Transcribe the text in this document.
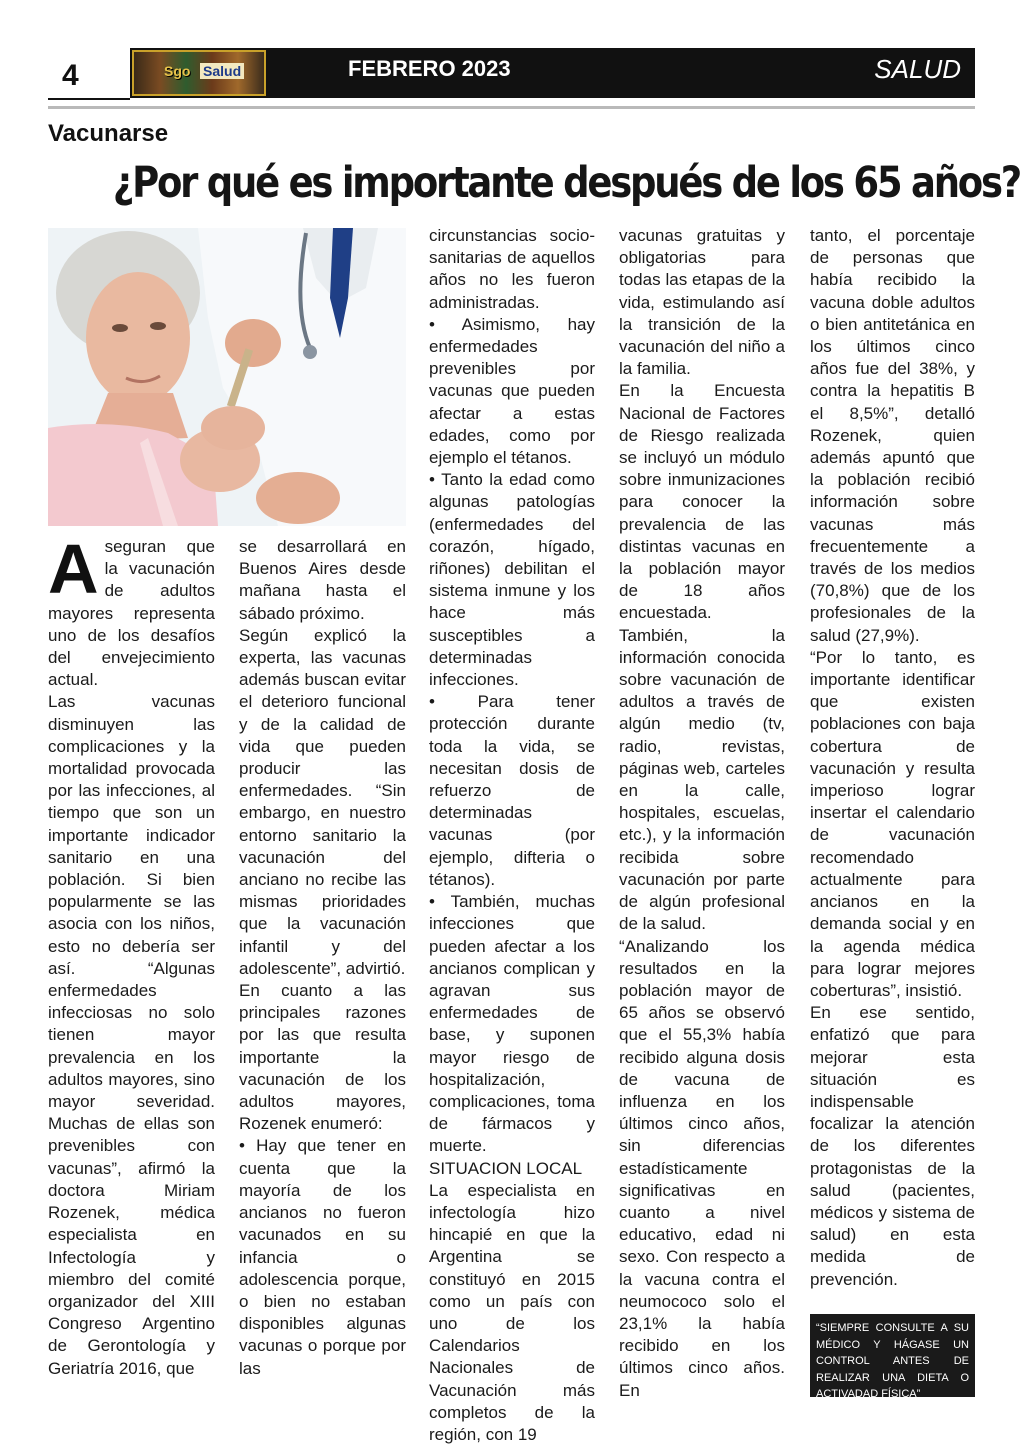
4	Sgo Salud	FEBRERO 2023	SALUD
Vacunarse
¿Por qué es importante después de los 65 años?
A seguran que la vacunación de adultos mayores representa uno de los desafíos del envejecimiento actual.

Las vacunas disminuyen las complicaciones y la mortalidad provocada por las infecciones, al tiempo que son un importante indicador sanitario en una población. Si bien popularmente se las asocia con los niños, esto no debería ser así. “Algunas enfermedades infecciosas no solo tienen mayor prevalencia en los adultos mayores, sino mayor severidad. Muchas de ellas son prevenibles con vacunas”, afirmó la doctora Miriam Rozenek, médica especialista en Infectología y miembro del comité organizador del XIII Congreso Argentino de Gerontología y Geriatría 2016, que

se desarrollará en Buenos Aires desde mañana hasta el sábado próximo.

Según explicó la experta, las vacunas además buscan evitar el deterioro funcional y de la calidad de vida que pueden producir las enfermedades. “Sin embargo, en nuestro entorno sanitario la vacunación del anciano no recibe las mismas prioridades que la vacunación infantil y del adolescente”, advirtió.

En cuanto a las principales razones por las que resulta importante la vacunación de los adultos mayores, Rozenek enumeró:

• Hay que tener en cuenta que la mayoría de los ancianos no fueron vacunados en su infancia o adolescencia porque, o bien no estaban disponibles algunas vacunas o porque por las

circunstancias socio-sanitarias de aquellos años no les fueron administradas.

• Asimismo, hay enfermedades prevenibles por vacunas que pueden afectar a estas edades, como por ejemplo el tétanos.

• Tanto la edad como algunas patologías (enfermedades del corazón, hígado, riñones) debilitan el sistema inmune y los hace más susceptibles a determinadas infecciones.

• Para tener protección durante toda la vida, se necesitan dosis de refuerzo de determinadas vacunas (por ejemplo, difteria o tétanos).

• También, muchas infecciones que pueden afectar a los ancianos complican y agravan sus enfermedades de base, y suponen mayor riesgo de hospitalización, complicaciones, toma de fármacos y muerte.

SITUACION LOCAL

La especialista en infectología hizo hincapié en que la Argentina se constituyó en 2015 como un país con uno de los Calendarios Nacionales de Vacunación más completos de la región, con 19

vacunas gratuitas y obligatorias para todas las etapas de la vida, estimulando así la transición de la vacunación del niño a la familia.

En la Encuesta Nacional de Factores de Riesgo realizada se incluyó un módulo sobre inmunizaciones para conocer la prevalencia de las distintas vacunas en la población mayor de 18 años encuestada. También, la información conocida sobre vacunación de adultos a través de algún medio (tv, radio, revistas, páginas web, carteles en la calle, hospitales, escuelas, etc.), y la información recibida sobre vacunación por parte de algún profesional de la salud.

“Analizando los resultados en la población mayor de 65 años se observó que el 55,3% había recibido alguna dosis de vacuna de influenza en los últimos cinco años, sin diferencias estadísticamente significativas en cuanto a nivel educativo, edad ni sexo. Con respecto a la vacuna contra el neumococo solo el 23,1% la había recibido en los últimos cinco años. En

tanto, el porcentaje de personas que había recibido la vacuna doble adultos o bien antitetánica en los últimos cinco años fue del 38%, y contra la hepatitis B el 8,5%”, detalló Rozenek, quien además apuntó que la población recibió información sobre vacunas más frecuentemente a través de los medios (70,8%) que de los profesionales de la salud (27,9%).

“Por lo tanto, es importante identificar que existen poblaciones con baja cobertura de vacunación y resulta imperioso lograr insertar el calendario de vacunación recomendado actualmente para ancianos en la demanda social y en la agenda médica para lograr mejores coberturas”, insistió.

En ese sentido, enfatizó que para mejorar esta situación es indispensable focalizar la atención de los diferentes protagonistas de la salud (pacientes, médicos y sistema de salud) en esta medida de prevención.

“SIEMPRE CONSULTE A SU MÉDICO Y HÁGASE UN CONTROL ANTES DE REALIZAR UNA DIETA O ACTIVADAD FÍSICA”
